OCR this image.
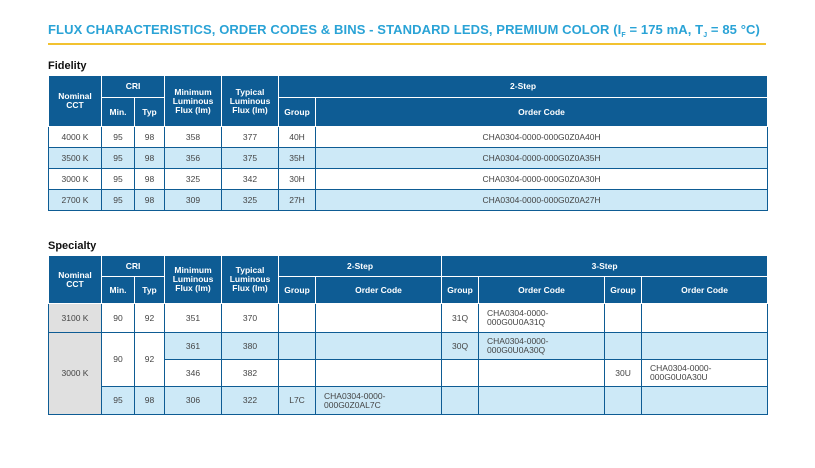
FLUX CHARACTERISTICS, ORDER CODES & BINS - STANDARD LEDS, PREMIUM COLOR ($I_F = 175$ mA, $T_J = 85$ °C)
Fidelity
Nominal CCT	CRI		Minimum Luminous Flux (lm)	Typical Luminous Flux (lm)	2-Step	
	Min.	Typ			Group	Order Code
4000 K	95	98	358	377	40H	CHA0304-0000-000G0Z0A40H
3500 K	95	98	356	375	35H	CHA0304-0000-000G0Z0A35H
3000 K	95	98	325	342	30H	CHA0304-0000-000G0Z0A30H
2700 K	95	98	309	325	27H	CHA0304-0000-000G0Z0A27H
Specialty
Nominal CCT	CRI		Minimum Luminous Flux (lm)	Typical Luminous Flux (lm)	2-Step		3-Step			
	Min.	Typ			Group	Order Code	Group	Order Code	Group	Order Code
3100 K	90	92	351	370			31Q	CHA0304-0000-000G0U0A31Q		
3000 K	90	92	361	380			30Q	CHA0304-0000-000G0U0A30Q		
			346	382					30U	CHA0304-0000-000G0U0A30U
	95	98	306	322	L7C	CHA0304-0000-000G0Z0AL7C				
